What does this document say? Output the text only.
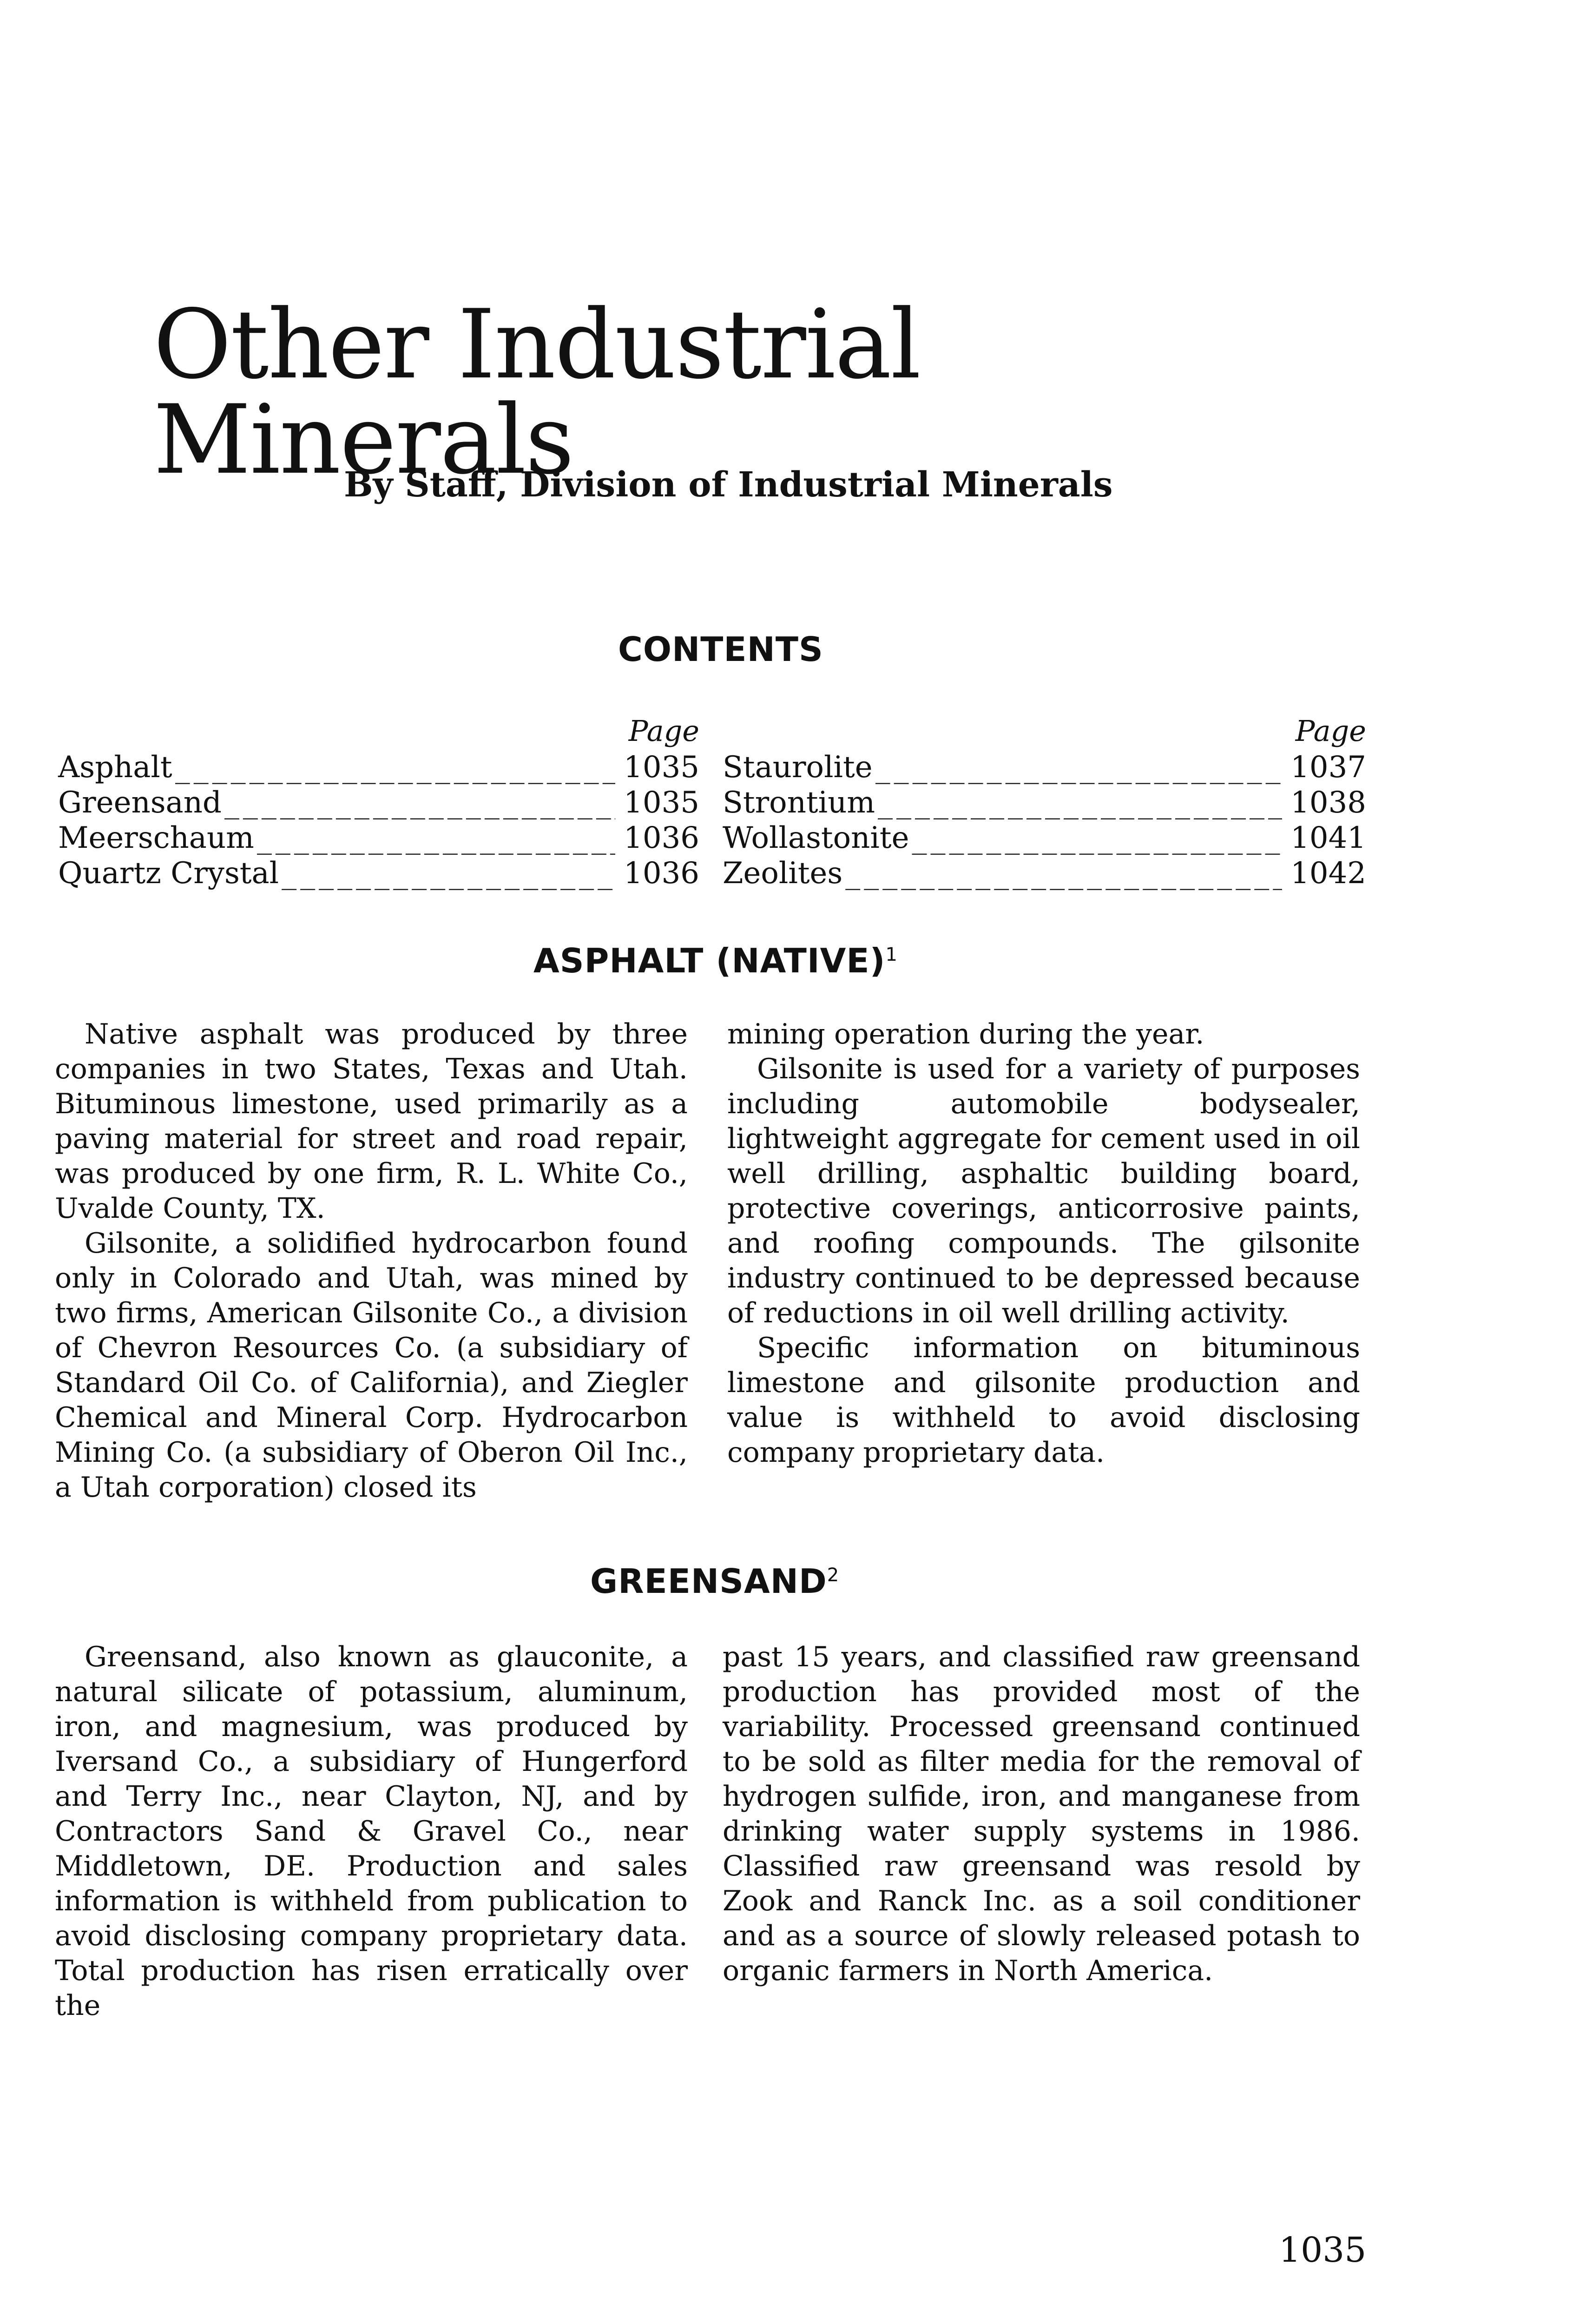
Other Industrial Minerals

By Staff, Division of Industrial Minerals

CONTENTS
Page
Asphalt _____	1035
Greensand _____	1035
Meerschaum _____	1036
Quartz Crystal _____	1036
Page
Staurolite _____	1037
Strontium _____	1038
Wollastonite _____	1041
Zeolites _____	1042
ASPHALT (NATIVE)$^1$

Native asphalt was produced by three companies in two States, Texas and Utah. Bituminous limestone, used primarily as a paving material for street and road repair, was produced by one firm, R. L. White Co., Uvalde County, TX.

Gilsonite, a solidified hydrocarbon found only in Colorado and Utah, was mined by two firms, American Gilsonite Co., a division of Chevron Resources Co. (a subsidiary of Standard Oil Co. of California), and Ziegler Chemical and Mineral Corp. Hydrocarbon Mining Co. (a subsidiary of Oberon Oil Inc., a Utah corporation) closed its

mining operation during the year.

Gilsonite is used for a variety of purposes including automobile bodysealer, lightweight aggregate for cement used in oil well drilling, asphaltic building board, protective coverings, anticorrosive paints, and roofing compounds. The gilsonite industry continued to be depressed because of reductions in oil well drilling activity.

Specific information on bituminous limestone and gilsonite production and value is withheld to avoid disclosing company proprietary data.

GREENSAND$^2$

Greensand, also known as glauconite, a natural silicate of potassium, aluminum, iron, and magnesium, was produced by Iversand Co., a subsidiary of Hungerford and Terry Inc., near Clayton, NJ, and by Contractors Sand & Gravel Co., near Middletown, DE. Production and sales information is withheld from publication to avoid disclosing company proprietary data. Total production has risen erratically over the

past 15 years, and classified raw greensand production has provided most of the variability. Processed greensand continued to be sold as filter media for the removal of hydrogen sulfide, iron, and manganese from drinking water supply systems in 1986. Classified raw greensand was resold by Zook and Ranck Inc. as a soil conditioner and as a source of slowly released potash to organic farmers in North America.

1035
